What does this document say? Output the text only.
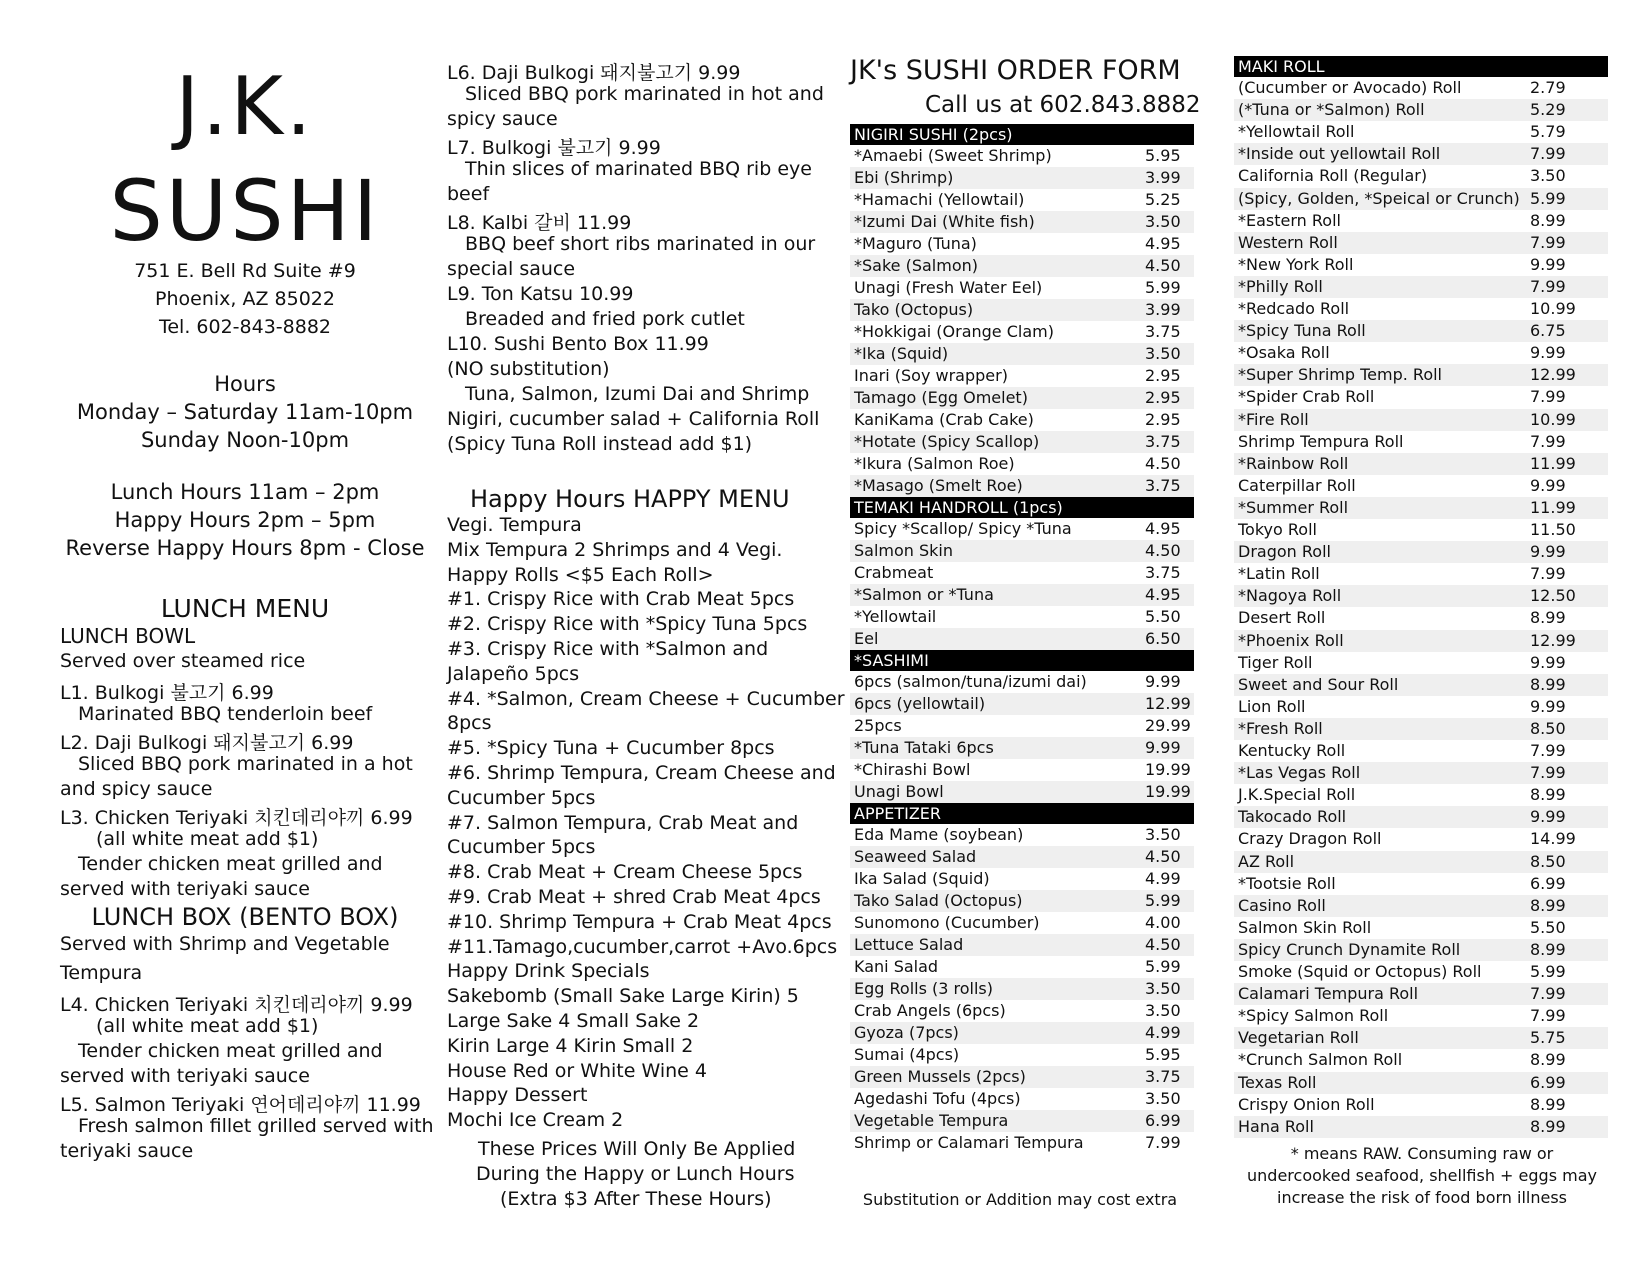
J.K.
SUSHI
751 E. Bell Rd Suite #9
Phoenix, AZ 85022
Tel. 602-843-8882
Hours
Monday – Saturday 11am-10pm
Sunday Noon-10pm
Lunch Hours 11am – 2pm
Happy Hours 2pm – 5pm
Reverse Happy Hours 8pm - Close
LUNCH MENU
LUNCH BOWL
Served over steamed rice
L1. Bulkogi 불고기 6.99
Marinated BBQ tenderloin beef
L2. Daji Bulkogi 돼지불고기 6.99
Sliced BBQ pork marinated in a hot
and spicy sauce
L3. Chicken Teriyaki 치킨데리야끼 6.99
(all white meat add $1)
Tender chicken meat grilled and
served with teriyaki sauce
LUNCH BOX (BENTO BOX)
Served with Shrimp and Vegetable
Tempura
L4. Chicken Teriyaki 치킨데리야끼 9.99
(all white meat add $1)
Tender chicken meat grilled and
served with teriyaki sauce
L5. Salmon Teriyaki 연어데리야끼 11.99
Fresh salmon fillet grilled served with
teriyaki sauce
L6. Daji Bulkogi 돼지불고기 9.99
Sliced BBQ pork marinated in hot and
spicy sauce
L7. Bulkogi 불고기 9.99
Thin slices of marinated BBQ rib eye
beef
L8. Kalbi 갈비 11.99
BBQ beef short ribs marinated in our
special sauce
L9. Ton Katsu 10.99
Breaded and fried pork cutlet
L10. Sushi Bento Box 11.99
(NO substitution)
Tuna, Salmon, Izumi Dai and Shrimp
Nigiri, cucumber salad + California Roll
(Spicy Tuna Roll instead add $1)
Happy Hours HAPPY MENU
Vegi. Tempura
Mix Tempura 2 Shrimps and 4 Vegi.
Happy Rolls <$5 Each Roll>
#1. Crispy Rice with Crab Meat 5pcs
#2. Crispy Rice with *Spicy Tuna 5pcs
#3. Crispy Rice with *Salmon and
Jalapeño 5pcs
#4. *Salmon, Cream Cheese + Cucumber
8pcs
#5. *Spicy Tuna + Cucumber 8pcs
#6. Shrimp Tempura, Cream Cheese and
Cucumber 5pcs
#7. Salmon Tempura, Crab Meat and
Cucumber 5pcs
#8. Crab Meat + Cream Cheese 5pcs
#9. Crab Meat + shred Crab Meat 4pcs
#10. Shrimp Tempura + Crab Meat 4pcs
#11.Tamago,cucumber,carrot +Avo.6pcs
Happy Drink Specials
Sakebomb (Small Sake Large Kirin) 5
Large Sake 4 Small Sake 2
Kirin Large 4 Kirin Small 2
House Red or White Wine 4
Happy Dessert
Mochi Ice Cream 2
These Prices Will Only Be Applied
During the Happy or Lunch Hours
(Extra $3 After These Hours)
JK's SUSHI ORDER FORM
Call us at 602.843.8882
NIGIRI SUSHI (2pcs)
*Amaebi (Sweet Shrimp)	5.95
Ebi (Shrimp)	3.99
*Hamachi (Yellowtail)	5.25
*Izumi Dai (White fish)	3.50
*Maguro (Tuna)	4.95
*Sake (Salmon)	4.50
Unagi (Fresh Water Eel)	5.99
Tako (Octopus)	3.99
*Hokkigai (Orange Clam)	3.75
*Ika (Squid)	3.50
Inari (Soy wrapper)	2.95
Tamago (Egg Omelet)	2.95
KaniKama (Crab Cake)	2.95
*Hotate (Spicy Scallop)	3.75
*Ikura (Salmon Roe)	4.50
*Masago (Smelt Roe)	3.75
TEMAKI HANDROLL (1pcs)
Spicy *Scallop/ Spicy *Tuna	4.95
Salmon Skin	4.50
Crabmeat	3.75
*Salmon or *Tuna	4.95
*Yellowtail	5.50
Eel	6.50
*SASHIMI
6pcs (salmon/tuna/izumi dai)	9.99
6pcs (yellowtail)	12.99
25pcs	29.99
*Tuna Tataki 6pcs	9.99
*Chirashi Bowl	19.99
Unagi Bowl	19.99
APPETIZER
Eda Mame (soybean)	3.50
Seaweed Salad	4.50
Ika Salad (Squid)	4.99
Tako Salad (Octopus)	5.99
Sunomono (Cucumber)	4.00
Lettuce Salad	4.50
Kani Salad	5.99
Egg Rolls (3 rolls)	3.50
Crab Angels (6pcs)	3.50
Gyoza (7pcs)	4.99
Sumai (4pcs)	5.95
Green Mussels (2pcs)	3.75
Agedashi Tofu (4pcs)	3.50
Vegetable Tempura	6.99
Shrimp or Calamari Tempura	7.99
Substitution or Addition may cost extra
MAKI ROLL
(Cucumber or Avocado) Roll	2.79
(*Tuna or *Salmon) Roll	5.29
*Yellowtail Roll	5.79
*Inside out yellowtail Roll	7.99
California Roll (Regular)	3.50
(Spicy, Golden, *Speical or Crunch) 5.99
*Eastern Roll	8.99
Western Roll	7.99
*New York Roll	9.99
*Philly Roll	7.99
*Redcado Roll	10.99
*Spicy Tuna Roll	6.75
*Osaka Roll	9.99
*Super Shrimp Temp. Roll	12.99
*Spider Crab Roll	7.99
*Fire Roll	10.99
Shrimp Tempura Roll	7.99
*Rainbow Roll	11.99
Caterpillar Roll	9.99
*Summer Roll	11.99
Tokyo Roll	11.50
Dragon Roll	9.99
*Latin Roll	7.99
*Nagoya Roll	12.50
Desert Roll	8.99
*Phoenix Roll	12.99
Tiger Roll	9.99
Sweet and Sour Roll	8.99
Lion Roll	9.99
*Fresh Roll	8.50
Kentucky Roll	7.99
*Las Vegas Roll	7.99
J.K.Special Roll	8.99
Takocado Roll	9.99
Crazy Dragon Roll	14.99
AZ Roll	8.50
*Tootsie Roll	6.99
Casino Roll	8.99
Salmon Skin Roll	5.50
Spicy Crunch Dynamite Roll	8.99
Smoke (Squid or Octopus) Roll	5.99
Calamari Tempura Roll	7.99
*Spicy Salmon Roll	7.99
Vegetarian Roll	5.75
*Crunch Salmon Roll	8.99
Texas Roll	6.99
Crispy Onion Roll	8.99
Hana Roll	8.99
* means RAW. Consuming raw or
undercooked seafood, shellfish + eggs may
increase the risk of food born illness
